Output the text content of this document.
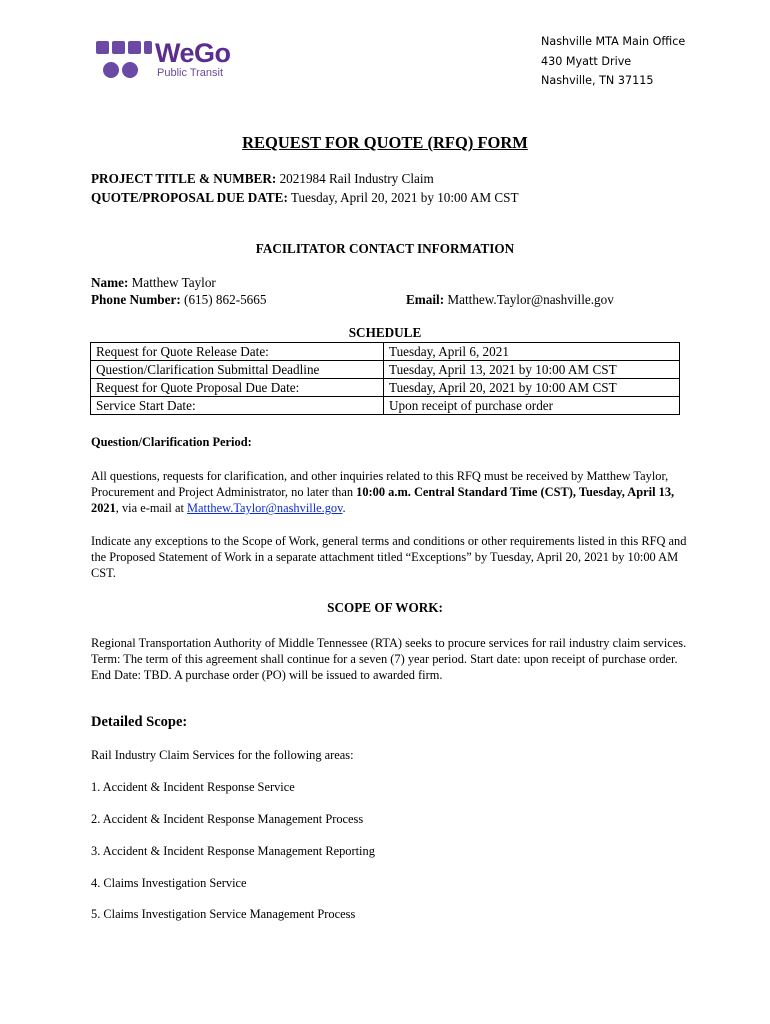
WeGo
Public Transit
Nashville MTA Main Office
430 Myatt Drive
Nashville, TN 37115
REQUEST FOR QUOTE (RFQ) FORM
PROJECT TITLE & NUMBER: 2021984 Rail Industry Claim
QUOTE/PROPOSAL DUE DATE: Tuesday, April 20, 2021 by 10:00 AM CST
FACILITATOR CONTACT INFORMATION
Name: Matthew Taylor
Phone Number: (615) 862-5665	Email: Matthew.Taylor@nashville.gov
SCHEDULE
Request for Quote Release Date:	Tuesday, April 6, 2021
Question/Clarification Submittal Deadline	Tuesday, April 13, 2021 by 10:00 AM CST
Request for Quote Proposal Due Date:	Tuesday, April 20, 2021 by 10:00 AM CST
Service Start Date:	Upon receipt of purchase order
Question/Clarification Period:
All questions, requests for clarification, and other inquiries related to this RFQ must be received by Matthew Taylor, Procurement and Project Administrator, no later than 10:00 a.m. Central Standard Time (CST), Tuesday, April 13, 2021, via e-mail at Matthew.Taylor@nashville.gov.
Indicate any exceptions to the Scope of Work, general terms and conditions or other requirements listed in this RFQ and the Proposed Statement of Work in a separate attachment titled “Exceptions” by Tuesday, April 20, 2021 by 10:00 AM CST.
SCOPE OF WORK:
Regional Transportation Authority of Middle Tennessee (RTA) seeks to procure services for rail industry claim services. Term: The term of this agreement shall continue for a seven (7) year period. Start date: upon receipt of purchase order. End Date: TBD. A purchase order (PO) will be issued to awarded firm.
Detailed Scope:
Rail Industry Claim Services for the following areas:
1. Accident & Incident Response Service
2. Accident & Incident Response Management Process
3. Accident & Incident Response Management Reporting
4. Claims Investigation Service
5. Claims Investigation Service Management Process
